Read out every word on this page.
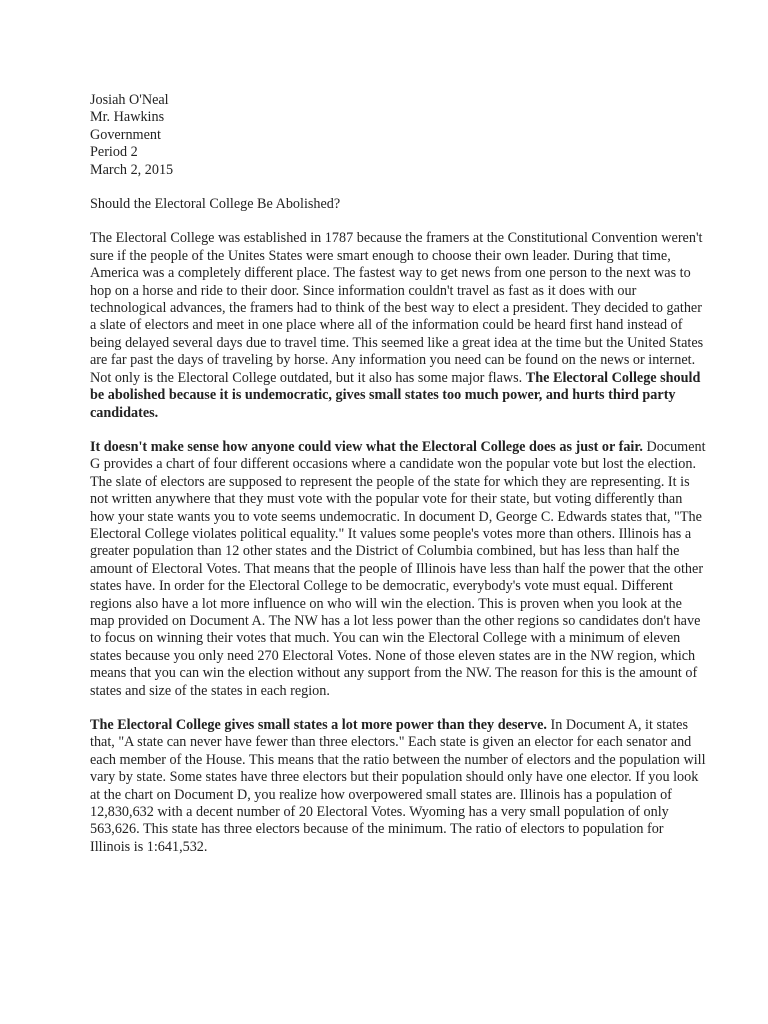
Josiah O'Neal
Mr. Hawkins
Government
Period 2
March 2, 2015
Should the Electoral College Be Abolished?

The Electoral College was established in 1787 because the framers at the Constitutional Convention weren't sure if the people of the Unites States were smart enough to choose their own leader. During that time, America was a completely different place. The fastest way to get news from one person to the next was to hop on a horse and ride to their door. Since information couldn't travel as fast as it does with our technological advances, the framers had to think of the best way to elect a president. They decided to gather a slate of electors and meet in one place where all of the information could be heard first hand instead of being delayed several days due to travel time. This seemed like a great idea at the time but the United States are far past the days of traveling by horse. Any information you need can be found on the news or internet. Not only is the Electoral College outdated, but it also has some major flaws. The Electoral College should be abolished because it is undemocratic, gives small states too much power, and hurts third party candidates.

It doesn't make sense how anyone could view what the Electoral College does as just or fair. Document G provides a chart of four different occasions where a candidate won the popular vote but lost the election. The slate of electors are supposed to represent the people of the state for which they are representing. It is not written anywhere that they must vote with the popular vote for their state, but voting differently than how your state wants you to vote seems undemocratic. In document D, George C. Edwards states that, "The Electoral College violates political equality." It values some people's votes more than others. Illinois has a greater population than 12 other states and the District of Columbia combined, but has less than half the amount of Electoral Votes. That means that the people of Illinois have less than half the power that the other states have. In order for the Electoral College to be democratic, everybody's vote must equal. Different regions also have a lot more influence on who will win the election. This is proven when you look at the map provided on Document A. The NW has a lot less power than the other regions so candidates don't have to focus on winning their votes that much. You can win the Electoral College with a minimum of eleven states because you only need 270 Electoral Votes. None of those eleven states are in the NW region, which means that you can win the election without any support from the NW. The reason for this is the amount of states and size of the states in each region.

The Electoral College gives small states a lot more power than they deserve. In Document A, it states that, "A state can never have fewer than three electors." Each state is given an elector for each senator and each member of the House. This means that the ratio between the number of electors and the population will vary by state. Some states have three electors but their population should only have one elector. If you look at the chart on Document D, you realize how overpowered small states are. Illinois has a population of 12,830,632 with a decent number of 20 Electoral Votes. Wyoming has a very small population of only 563,626. This state has three electors because of the minimum. The ratio of electors to population for Illinois is 1:641,532.
